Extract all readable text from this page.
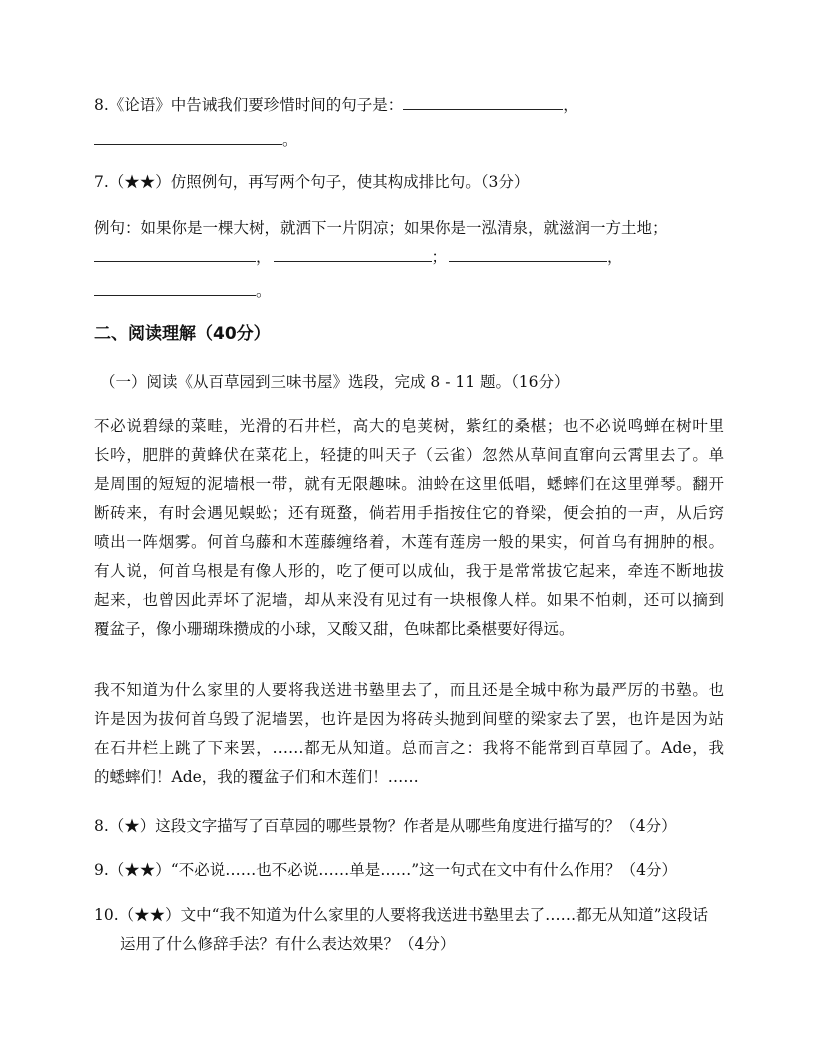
8.《论语》中告诫我们要珍惜时间的句子是：	，
。
7.（★★）仿照例句，再写两个句子，使其构成排比句。（3分）
例句：如果你是一棵大树，就洒下一片阴凉；如果你是一泓清泉，就滋润一方土地；
，	；	，
。
二、阅读理解（40分）
（一）阅读《从百草园到三味书屋》选段，完成 8 - 11 题。（16分）
不必说碧绿的菜畦，光滑的石井栏，高大的皂荚树，紫红的桑椹；也不必说鸣蝉在树叶里
长吟，肥胖的黄蜂伏在菜花上，轻捷的叫天子（云雀）忽然从草间直窜向云霄里去了。单
是周围的短短的泥墙根一带，就有无限趣味。油蛉在这里低唱，蟋蟀们在这里弹琴。翻开
断砖来，有时会遇见蜈蚣；还有斑蝥，倘若用手指按住它的脊梁，便会拍的一声，从后窍
喷出一阵烟雾。何首乌藤和木莲藤缠络着，木莲有莲房一般的果实，何首乌有拥肿的根。
有人说，何首乌根是有像人形的，吃了便可以成仙，我于是常常拔它起来，牵连不断地拔
起来，也曾因此弄坏了泥墙，却从来没有见过有一块根像人样。如果不怕刺，还可以摘到
覆盆子，像小珊瑚珠攒成的小球，又酸又甜，色味都比桑椹要好得远。
我不知道为什么家里的人要将我送进书塾里去了，而且还是全城中称为最严厉的书塾。也
许是因为拔何首乌毁了泥墙罢，也许是因为将砖头抛到间壁的梁家去了罢，也许是因为站
在石井栏上跳了下来罢，……都无从知道。总而言之：我将不能常到百草园了。Ade，我
的蟋蟀们！Ade，我的覆盆子们和木莲们！……
8.（★）这段文字描写了百草园的哪些景物？作者是从哪些角度进行描写的？（4分）
9.（★★）“不必说……也不必说……单是……”这一句式在文中有什么作用？（4分）
10.（★★）文中“我不知道为什么家里的人要将我送进书塾里去了……都无从知道”这段话
运用了什么修辞手法？有什么表达效果？（4分）
